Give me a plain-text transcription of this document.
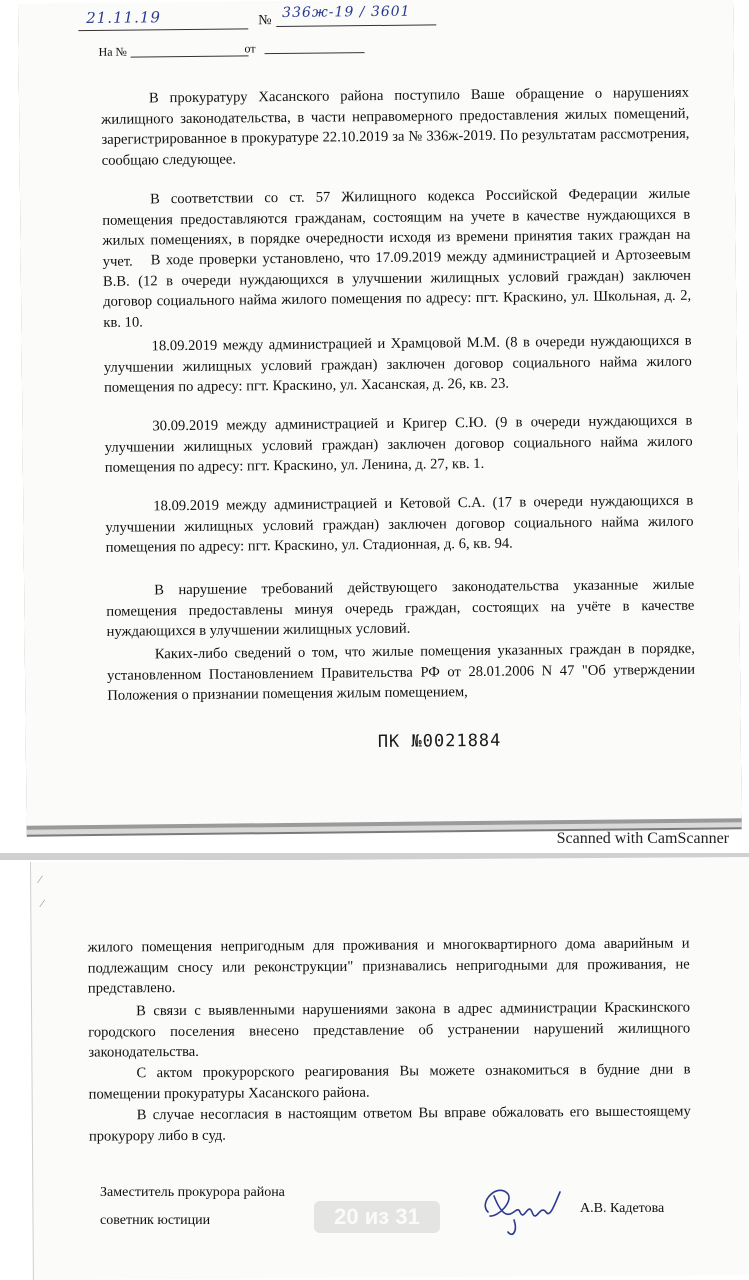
21.11.19	№ 336ж-19 / 3601
На №	от

В прокуратуру Хасанского района поступило Ваше обращение о нарушениях жилищного законодательства, в части неправомерного предоставления жилых помещений, зарегистрированное в прокуратуре 22.10.2019 за № 336ж-2019. По результатам рассмотрения, сообщаю следующее.

В соответствии со ст. 57 Жилищного кодекса Российской Федерации жилые помещения предоставляются гражданам, состоящим на учете в качестве нуждающихся в жилых помещениях, в порядке очередности исходя из времени принятия таких граждан на учет.	В ходе проверки установлено, что 17.09.2019 между администрацией и Артозеевым В.В. (12 в очереди нуждающихся в улучшении жилищных условий граждан) заключен договор социального найма жилого помещения по адресу: пгт. Краскино, ул. Школьная, д. 2, кв. 10.

18.09.2019 между администрацией и Храмцовой М.М. (8 в очереди нуждающихся в улучшении жилищных условий граждан) заключен договор социального найма жилого помещения по адресу: пгт. Краскино, ул. Хасанская, д. 26, кв. 23.

30.09.2019 между администрацией и Кригер С.Ю. (9 в очереди нуждающихся в улучшении жилищных условий граждан) заключен договор социального найма жилого помещения по адресу: пгт. Краскино, ул. Ленина, д. 27, кв. 1.

18.09.2019 между администрацией и Кетовой С.А. (17 в очереди нуждающихся в улучшении жилищных условий граждан) заключен договор социального найма жилого помещения по адресу: пгт. Краскино, ул. Стадионная, д. 6, кв. 94.

В нарушение требований действующего законодательства указанные жилые помещения предоставлены минуя очередь граждан, состоящих на учёте в качестве нуждающихся в улучшении жилищных условий.

Каких-либо сведений о том, что жилые помещения указанных граждан в порядке, установленном Постановлением Правительства РФ от 28.01.2006 N 47 "Об утверждении Положения о признании помещения жилым помещением,

ПК №0021884
Scanned with CamScanner
⁄
⁄

жилого помещения непригодным для проживания и многоквартирного дома аварийным и подлежащим сносу или реконструкции" признавались непригодными для проживания, не представлено.

В связи с выявленными нарушениями закона в адрес администрации Краскинского городского поселения внесено представление об устранении нарушений жилищного законодательства.

С актом прокурорского реагирования Вы можете ознакомиться в будние дни в помещении прокуратуры Хасанского района.

В случае несогласия в настоящим ответом Вы вправе обжаловать его вышестоящему прокурору либо в суд.

Заместитель прокурора района
советник юстиции	20 из 31	А.В. Кадетова
